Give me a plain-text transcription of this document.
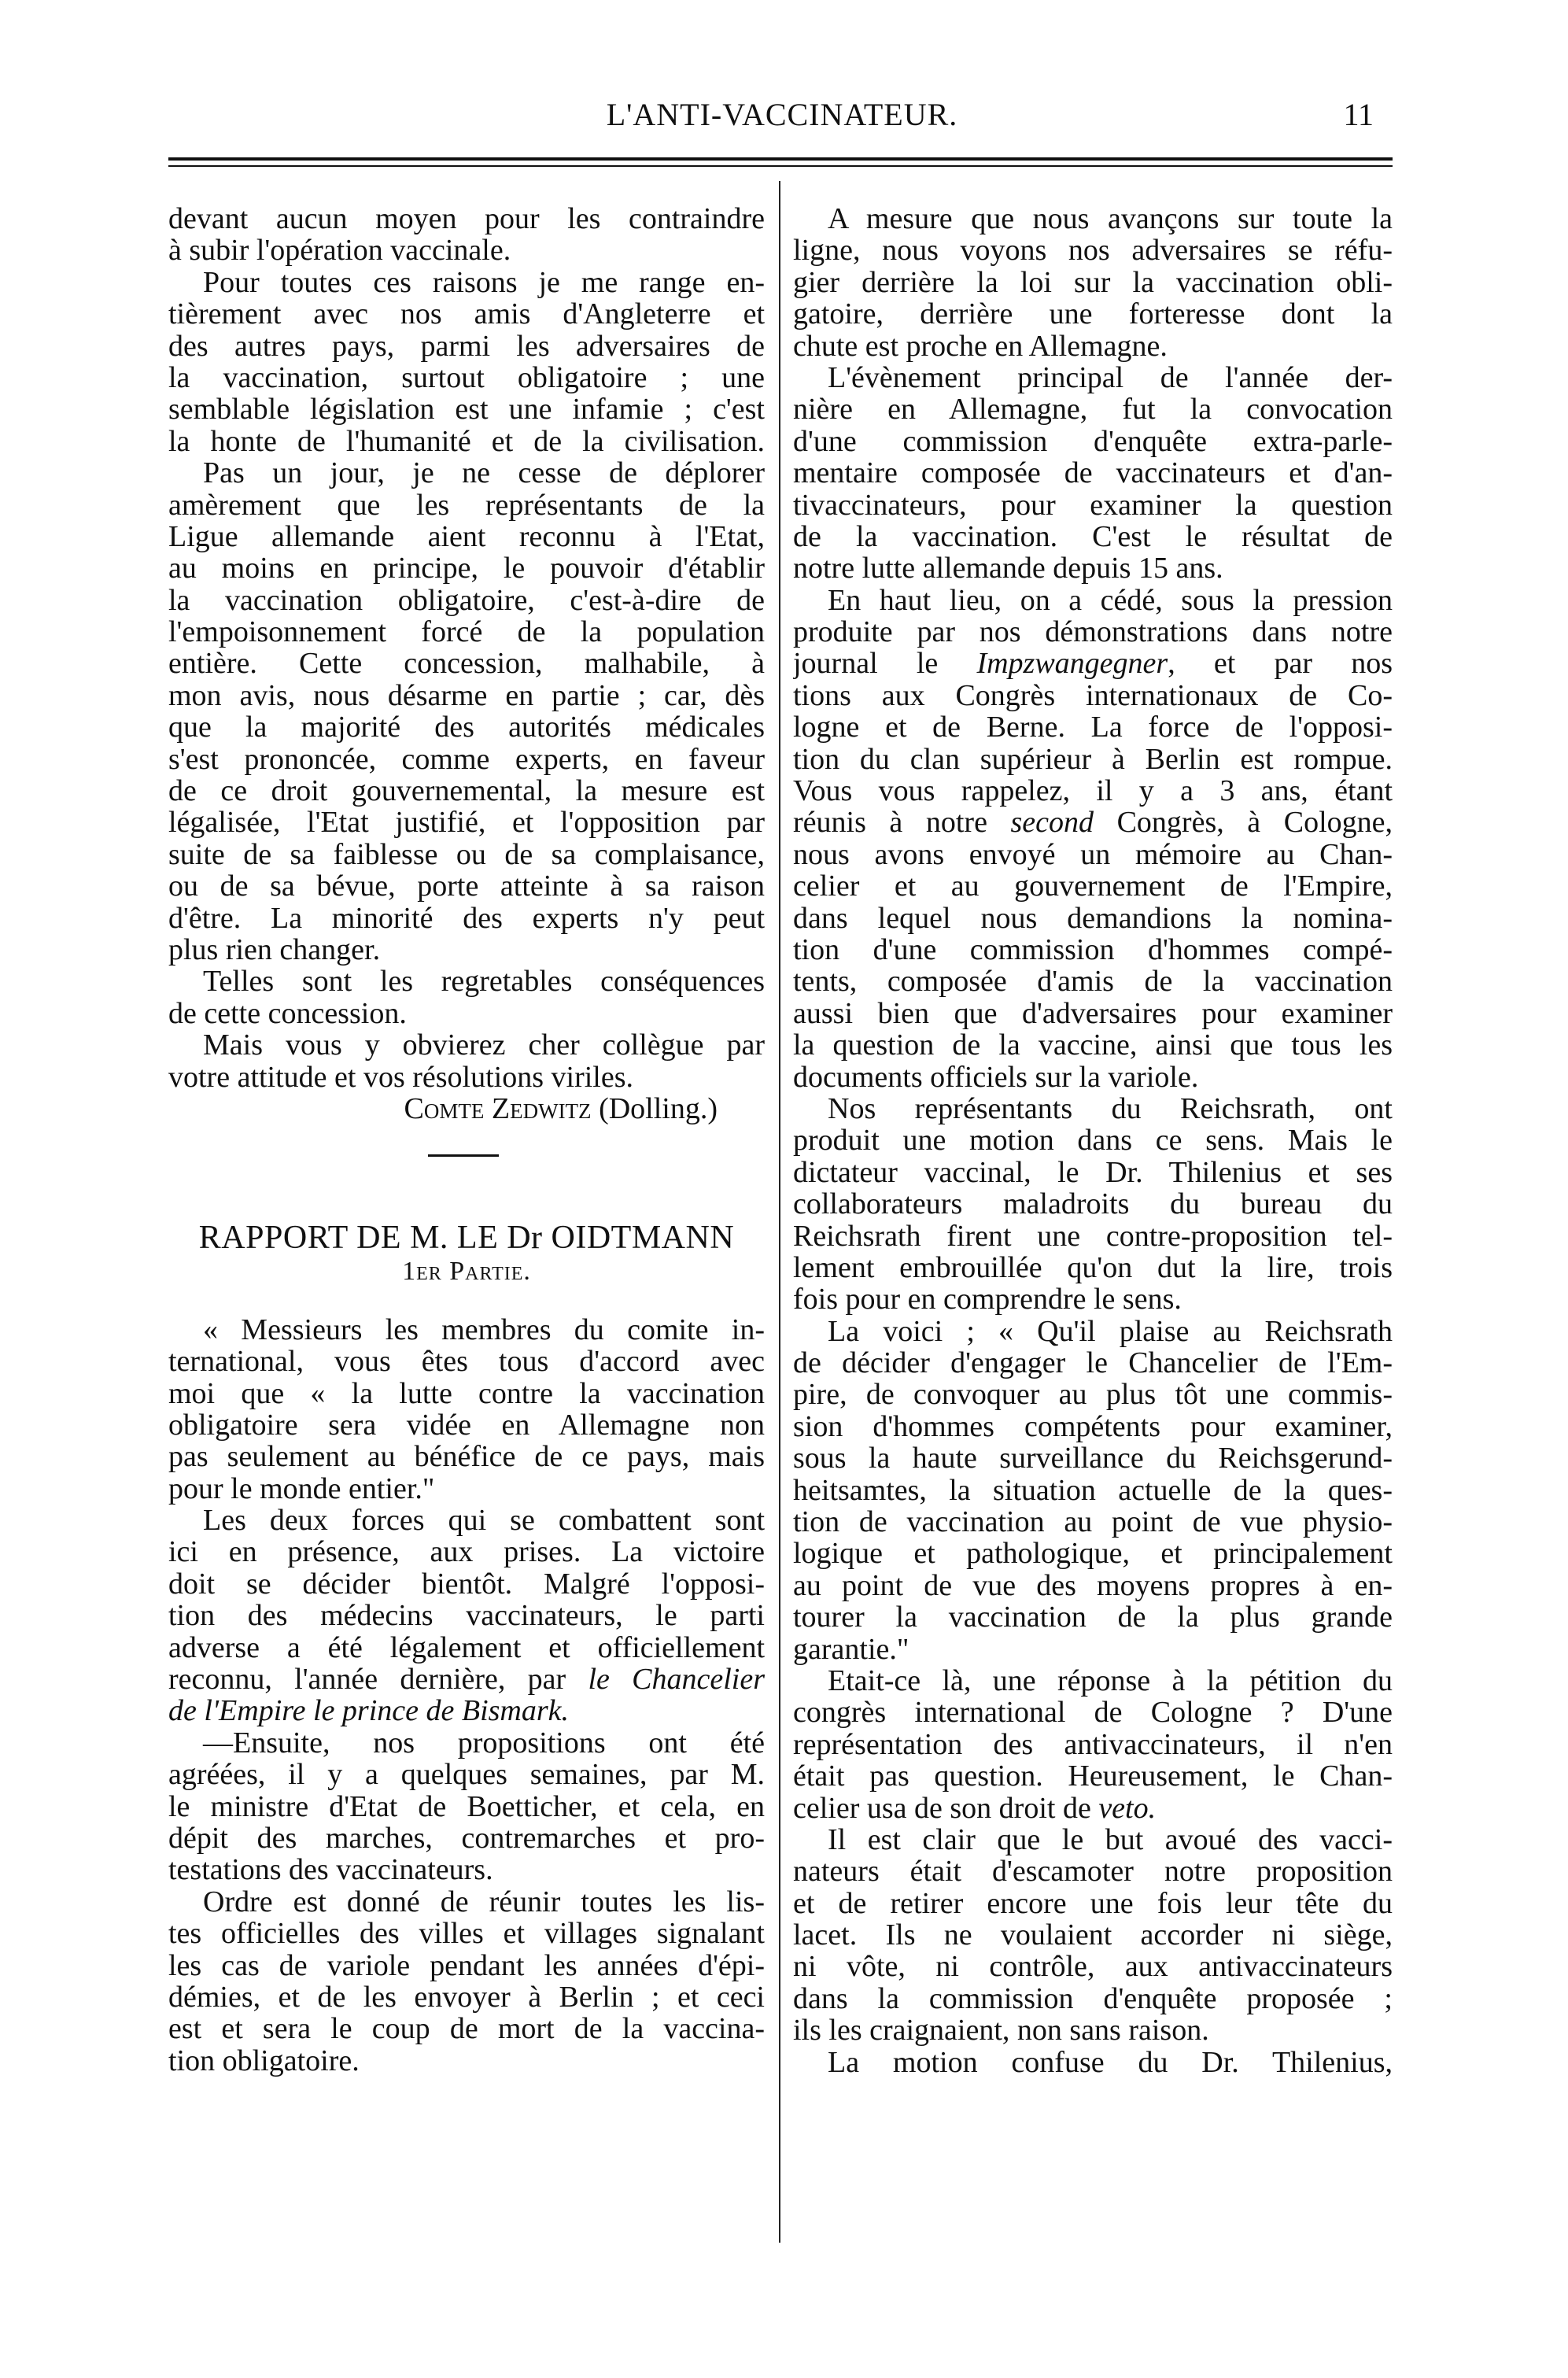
L'ANTI-VACCINATEUR.	11
devant aucun moyen pour les contraindre
à subir l'opération vaccinale.
Pour toutes ces raisons je me range en-
tièrement avec nos amis d'Angleterre et
des autres pays, parmi les adversaires de
la vaccination, surtout obligatoire ; une
semblable législation est une infamie ; c'est
la honte de l'humanité et de la civilisation.
Pas un jour, je ne cesse de déplorer
amèrement que les représentants de la
Ligue allemande aient reconnu à l'Etat,
au moins en principe, le pouvoir d'établir
la vaccination obligatoire, c'est-à-dire de
l'empoisonnement forcé de la population
entière. Cette concession, malhabile, à
mon avis, nous désarme en partie ; car, dès
que la majorité des autorités médicales
s'est prononcée, comme experts, en faveur
de ce droit gouvernemental, la mesure est
légalisée, l'Etat justifié, et l'opposition par
suite de sa faiblesse ou de sa complaisance,
ou de sa bévue, porte atteinte à sa raison
d'être. La minorité des experts n'y peut
plus rien changer.
Telles sont les regretables conséquences
de cette concession.
Mais vous y obvierez cher collègue par
votre attitude et vos résolutions viriles.
Comte Zedwitz (Dolling.)
RAPPORT DE M. LE Dr OIDTMANN
1er Partie.
« Messieurs les membres du comite in-
ternational, vous êtes tous d'accord avec
moi que « la lutte contre la vaccination
obligatoire sera vidée en Allemagne non
pas seulement au bénéfice de ce pays, mais
pour le monde entier."
Les deux forces qui se combattent sont
ici en présence, aux prises. La victoire
doit se décider bientôt. Malgré l'opposi-
tion des médecins vaccinateurs, le parti
adverse a été légalement et officiellement
reconnu, l'année dernière, par le Chancelier
de l'Empire le prince de Bismark.
—Ensuite, nos propositions ont été
agréées, il y a quelques semaines, par M.
le ministre d'Etat de Boetticher, et cela, en
dépit des marches, contremarches et pro-
testations des vaccinateurs.
Ordre est donné de réunir toutes les lis-
tes officielles des villes et villages signalant
les cas de variole pendant les années d'épi-
démies, et de les envoyer à Berlin ; et ceci
est et sera le coup de mort de la vaccina-
tion obligatoire.
A mesure que nous avançons sur toute la
ligne, nous voyons nos adversaires se réfu-
gier derrière la loi sur la vaccination obli-
gatoire, derrière une forteresse dont la
chute est proche en Allemagne.
L'évènement principal de l'année der-
nière en Allemagne, fut la convocation
d'une commission d'enquête extra-parle-
mentaire composée de vaccinateurs et d'an-
tivaccinateurs, pour examiner la question
de la vaccination. C'est le résultat de
notre lutte allemande depuis 15 ans.
En haut lieu, on a cédé, sous la pression
produite par nos démonstrations dans notre
journal le Impzwangegner, et par nos
tions aux Congrès internationaux de Co-
logne et de Berne. La force de l'opposi-
tion du clan supérieur à Berlin est rompue.
Vous vous rappelez, il y a 3 ans, étant
réunis à notre second Congrès, à Cologne,
nous avons envoyé un mémoire au Chan-
celier et au gouvernement de l'Empire,
dans lequel nous demandions la nomina-
tion d'une commission d'hommes compé-
tents, composée d'amis de la vaccination
aussi bien que d'adversaires pour examiner
la question de la vaccine, ainsi que tous les
documents officiels sur la variole.
Nos représentants du Reichsrath, ont
produit une motion dans ce sens. Mais le
dictateur vaccinal, le Dr. Thilenius et ses
collaborateurs maladroits du bureau du
Reichsrath firent une contre-proposition tel-
lement embrouillée qu'on dut la lire, trois
fois pour en comprendre le sens.
La voici ; « Qu'il plaise au Reichsrath
de décider d'engager le Chancelier de l'Em-
pire, de convoquer au plus tôt une commis-
sion d'hommes compétents pour examiner,
sous la haute surveillance du Reichsgerund-
heitsamtes, la situation actuelle de la ques-
tion de vaccination au point de vue physio-
logique et pathologique, et principalement
au point de vue des moyens propres à en-
tourer la vaccination de la plus grande
garantie."
Etait-ce là, une réponse à la pétition du
congrès international de Cologne ? D'une
représentation des antivaccinateurs, il n'en
était pas question. Heureusement, le Chan-
celier usa de son droit de veto.
Il est clair que le but avoué des vacci-
nateurs était d'escamoter notre proposition
et de retirer encore une fois leur tête du
lacet. Ils ne voulaient accorder ni siège,
ni vôte, ni contrôle, aux antivaccinateurs
dans la commission d'enquête proposée ;
ils les craignaient, non sans raison.
La motion confuse du Dr. Thilenius,
